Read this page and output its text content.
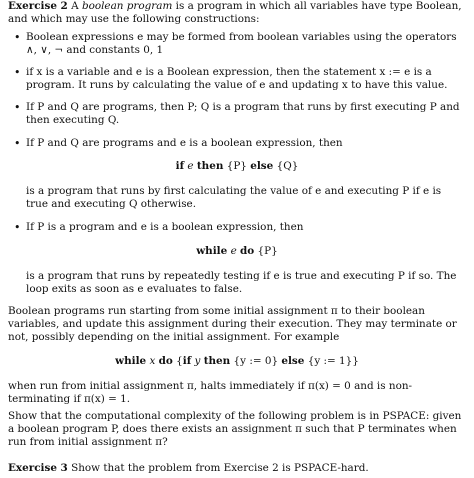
Exercise 2 A boolean program is a program in which all variables have type Boolean, and which may use the following constructions:

• Boolean expressions e may be formed from boolean variables using the operators ∧, ∨, ¬ and constants 0, 1
• if x is a variable and e is a Boolean expression, then the statement x := e is a program. It runs by calculating the value of e and updating x to have this value.
• If P and Q are programs, then P; Q is a program that runs by first executing P and then executing Q.
• If P and Q are programs and e is a boolean expression, then
if e then {P} else {Q}

is a program that runs by first calculating the value of e and executing P if e is true and executing Q otherwise.

• If P is a program and e is a boolean expression, then
while e do {P}

is a program that runs by repeatedly testing if e is true and executing P if so. The loop exits as soon as e evaluates to false.

Boolean programs run starting from some initial assignment π to their boolean variables, and update this assignment during their execution. They may terminate or not, possibly depending on the initial assignment. For example

while x do {if y then {y := 0} else {y := 1}}

when run from initial assignment π, halts immediately if π(x) = 0 and is non-terminating if π(x) = 1.

Show that the computational complexity of the following problem is in PSPACE: given a boolean program P, does there exists an assignment π such that P terminates when run from initial assignment π?

Exercise 3 Show that the problem from Exercise 2 is PSPACE-hard.
